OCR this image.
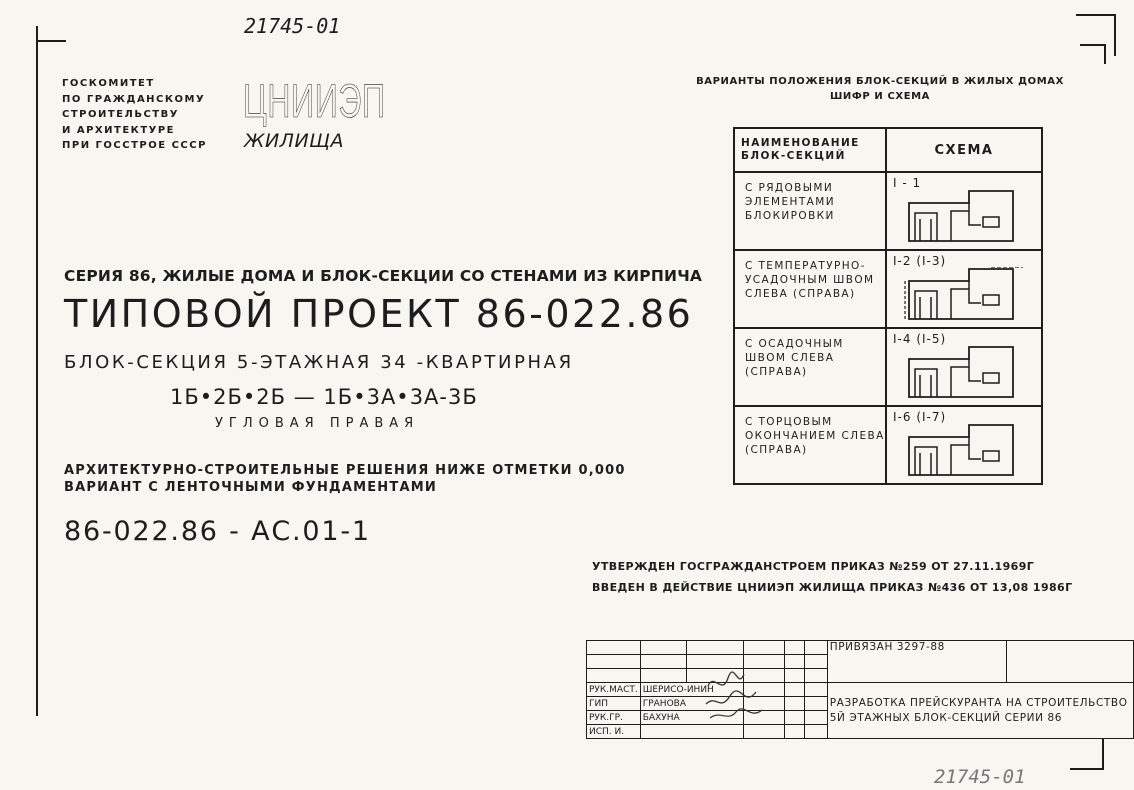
21745-01
21745-01
ГОСКОМИТЕТ
ПО ГРАЖДАНСКОМУ
СТРОИТЕЛЬСТВУ
И АРХИТЕКТУРЕ
ПРИ ГОССТРОЕ СССР
ЦНИИЭП
ЖИЛИЩА
СЕРИЯ 86, ЖИЛЫЕ ДОМА И БЛОК-СЕКЦИИ СО СТЕНАМИ ИЗ КИРПИЧА
ТИПОВОЙ ПРОЕКТ 86-022.86
БЛОК-СЕКЦИЯ 5-ЭТАЖНАЯ 34 -КВАРТИРНАЯ
1Б•2Б•2Б — 1Б•3А•3А-3Б
УГЛОВАЯ ПРАВАЯ
АРХИТЕКТУРНО-СТРОИТЕЛЬНЫЕ РЕШЕНИЯ НИЖЕ ОТМЕТКИ 0,000
ВАРИАНТ С ЛЕНТОЧНЫМИ ФУНДАМЕНТАМИ
86-022.86 - АС.01-1
ВАРИАНТЫ ПОЛОЖЕНИЯ БЛОК-СЕКЦИЙ В ЖИЛЫХ ДОМАХ
ШИФР И СХЕМА
НАИМЕНОВАНИЕ БЛОК-СЕКЦИЙ	СХЕМА
С РЯДОВЫМИ ЭЛЕМЕНТАМИ БЛОКИРОВКИ	I - 1

С ТЕМПЕРАТУРНО-УСАДОЧНЫМ ШВОМ СЛЕВА (СПРАВА)	I-2 (I-3)

С ОСАДОЧНЫМ ШВОМ СЛЕВА (СПРАВА)	I-4 (I-5)

С ТОРЦОВЫМ ОКОНЧАНИЕМ СЛЕВА (СПРАВА)	I-6 (I-7)
УТВЕРЖДЕН ГОСГРАЖДАНСТРОЕМ ПРИКАЗ №259 ОТ 27.11.1969Г
ВВЕДЕН В ДЕЙСТВИЕ ЦНИИЭП ЖИЛИЩА ПРИКАЗ №436 ОТ 13,08 1986Г
						ПРИВЯЗАН 3297-88	

РУК.МАСТ.	ШЕРИСО-ИНИН					РАЗРАБОТКА ПРЕЙСКУРАНТА НА СТРОИТЕЛЬСТВО
5Й ЭТАЖНЫХ БЛОК-СЕКЦИЙ СЕРИИ 86	

ГИП	ГРАНОВА						
РУК.ГР.	БАХУНА						
ИСП. И.							
